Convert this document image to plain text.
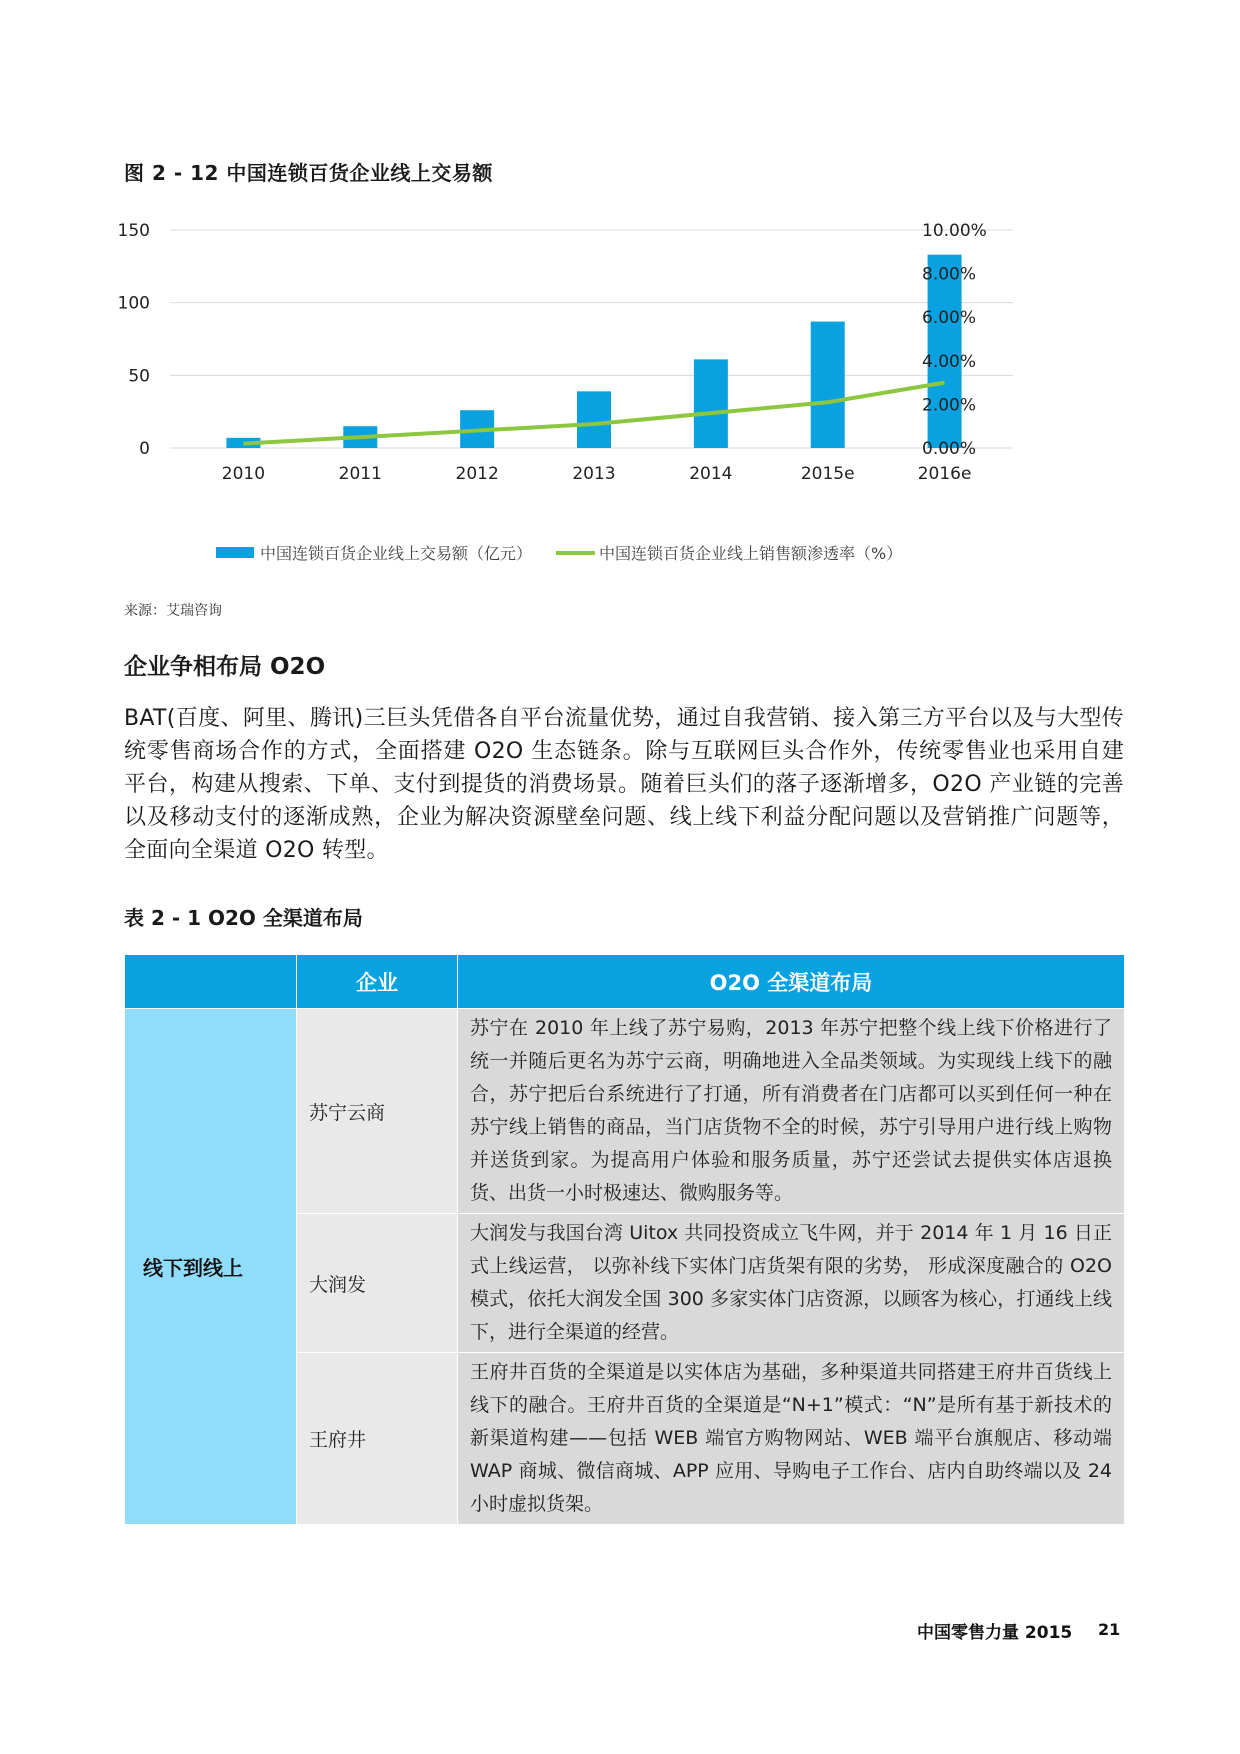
图 2 - 12 中国连锁百货企业线上交易额
0
50
100
150
0.00%
2.00%
4.00%
6.00%
8.00%
10.00%
2010	2011	2012	2013	2014	2015e	2016e
中国连锁百货企业线上交易额（亿元）	中国连锁百货企业线上销售额渗透率（%）
来源：艾瑞咨询
企业争相布局 O2O
BAT(百度、阿里、腾讯)三巨头凭借各自平台流量优势，通过自我营销、接入第三方平台以及与大型传统零售商场合作的方式，全面搭建 O2O 生态链条。除与互联网巨头合作外，传统零售业也采用自建平台，构建从搜索、下单、支付到提货的消费场景。随着巨头们的落子逐渐增多，O2O 产业链的完善以及移动支付的逐渐成熟，企业为解决资源壁垒问题、线上线下利益分配问题以及营销推广问题等，全面向全渠道 O2O 转型。
表 2 - 1 O2O 全渠道布局
	企业	O2O 全渠道布局
线下到线上	苏宁云商	苏宁在 2010 年上线了苏宁易购，2013 年苏宁把整个线上线下价格进行了统一并随后更名为苏宁云商，明确地进入全品类领域。为实现线上线下的融合，苏宁把后台系统进行了打通，所有消费者在门店都可以买到任何一种在苏宁线上销售的商品，当门店货物不全的时候，苏宁引导用户进行线上购物并送货到家。为提高用户体验和服务质量，苏宁还尝试去提供实体店退换货、出货一小时极速达、微购服务等。
	大润发	大润发与我国台湾 Uitox 共同投资成立飞牛网，并于 2014 年 1 月 16 日正式上线运营， 以弥补线下实体门店货架有限的劣势， 形成深度融合的 O2O 模式，依托大润发全国 300 多家实体门店资源，以顾客为核心，打通线上线下，进行全渠道的经营。
	王府井	王府井百货的全渠道是以实体店为基础，多种渠道共同搭建王府井百货线上线下的融合。王府井百货的全渠道是“N+1”模式：“N”是所有基于新技术的新渠道构建——包括 WEB 端官方购物网站、WEB 端平台旗舰店、移动端 WAP 商城、微信商城、APP 应用、导购电子工作台、店内自助终端以及 24 小时虚拟货架。
中国零售力量 2015 21
